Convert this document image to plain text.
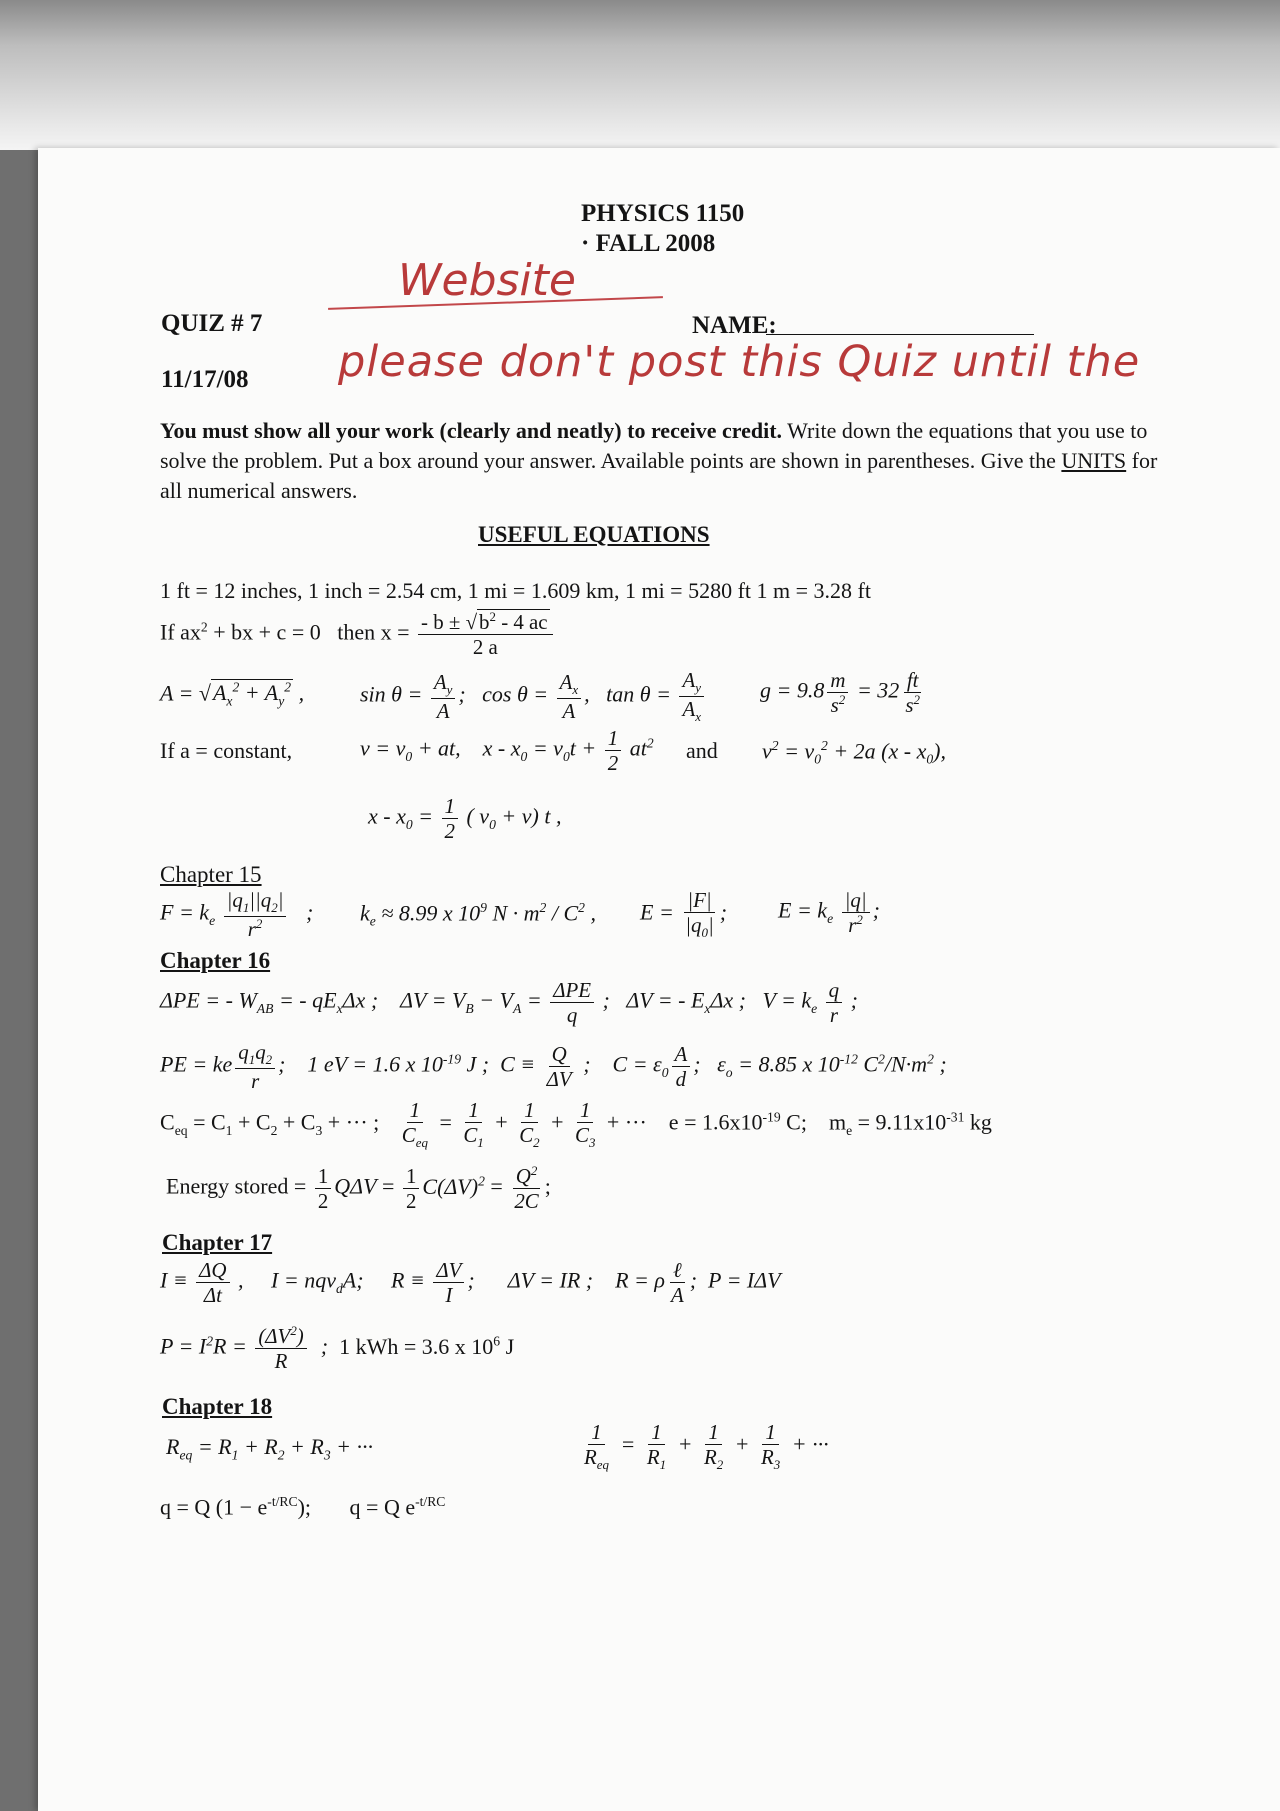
PHYSICS 1150
· FALL 2008
QUIZ # 7
11/17/08
NAME:
Website
please don't post this Quiz until the
You must show all your work (clearly and neatly) to receive credit. Write down the equations that you use to solve the problem. Put a box around your answer. Available points are shown in parentheses. Give the UNITS for all numerical answers.
USEFUL EQUATIONS
1 ft = 12 inches, 1 inch = 2.54 cm, 1 mi = 1.609 km, 1 mi = 5280 ft 1 m = 3.28 ft
If $ax^2$ + bx + c = 0   then $x = \frac{- b \pm √b^2 - 4 ac}{2 a}$
$A = √A_x^2 + A_y^2$ ,	$\sin \theta = \frac{A_y}{A}$ ;   $\cos \theta = \frac{A_x}{A}$ ,   $\tan \theta = \frac{A_y}{A_x}$	$g = 9.8 \frac{m}{s^2} = 32 \frac{ft}{s^2}$
If a = constant,	$v = v_0$ + at,    $x - x_0 = v_0t + \frac{1}{2} at^2$ and $v^2 = v_0^2 + 2a$ $(x - x_0)$,
$x - x_0 = \frac{1}{2}$ ( $v_0 + v$) t ,
Chapter 15
$F = k_e \frac{|q_1||q_2|}{r^2}$ ; $k_e \approx 8.99$ x $10^9$ $N \cdot m^2 / C^2$ , $E = \frac{|F|}{|q_0|}$ ; $E = k_e \frac{|q|}{r^2}$ ;
Chapter 16
ΔPE = - $W_{AB}$ = - $qE_x\Delta x$ ;    $\Delta V = V_B - V_A = \frac{\text{ΔPE}}{q}$ ;   ΔV = - $E_x\Delta x$ ;   $V = k_e \frac{q}{r}$ ;
PE = ke $\frac{q_1q_2}{r}$ ;    1 eV = 1.6 x $10^{-19}$ J ;  $C \equiv \frac{Q}{\Delta V}$ ;    $C = \varepsilon_0 \frac{A}{d}$ ;   $\varepsilon_o = 8.85$ x $10^{-12}$ $C^2/N\cdot m^2$ ;
$C_{eq} = C_1 + C_2 + C_3$ + ··· ; $\frac{1}{C_{eq}} = \frac{1}{C_1} + \frac{1}{C_2} + \frac{1}{C_3}$ + ···    $e = 1.6x10^{-19}$ C;    $m_e = 9.11x10^{-31}$ kg
Energy stored = $\frac{1}{2}$ $Q\Delta V = \frac{1}{2} C(\Delta V)^2 = \frac{Q^2}{2C}$ ;
Chapter 17
$I \equiv \frac{\Delta Q}{\Delta t}$ ,     I = nqv$_d$A;     $R \equiv \frac{\Delta V}{I}$ ;      ΔV = IR ;    R = ρ $\frac{\text{ℓ}}{A}$ ;  P = IΔV
$P = I^2R = \frac{(\Delta V^2)}{R}$ ;  1 kWh = 3.6 x $10^6$ J
Chapter 18
$R_{eq} = R_1 + R_2 + R_3$ + ···	$\frac{1}{R_{eq}} = \frac{1}{R_1} + \frac{1}{R_2} + \frac{1}{R_3}$ + ···
q = Q $(1 - e^{-t/RC})$;       q = Q $e^{-t/RC}$
